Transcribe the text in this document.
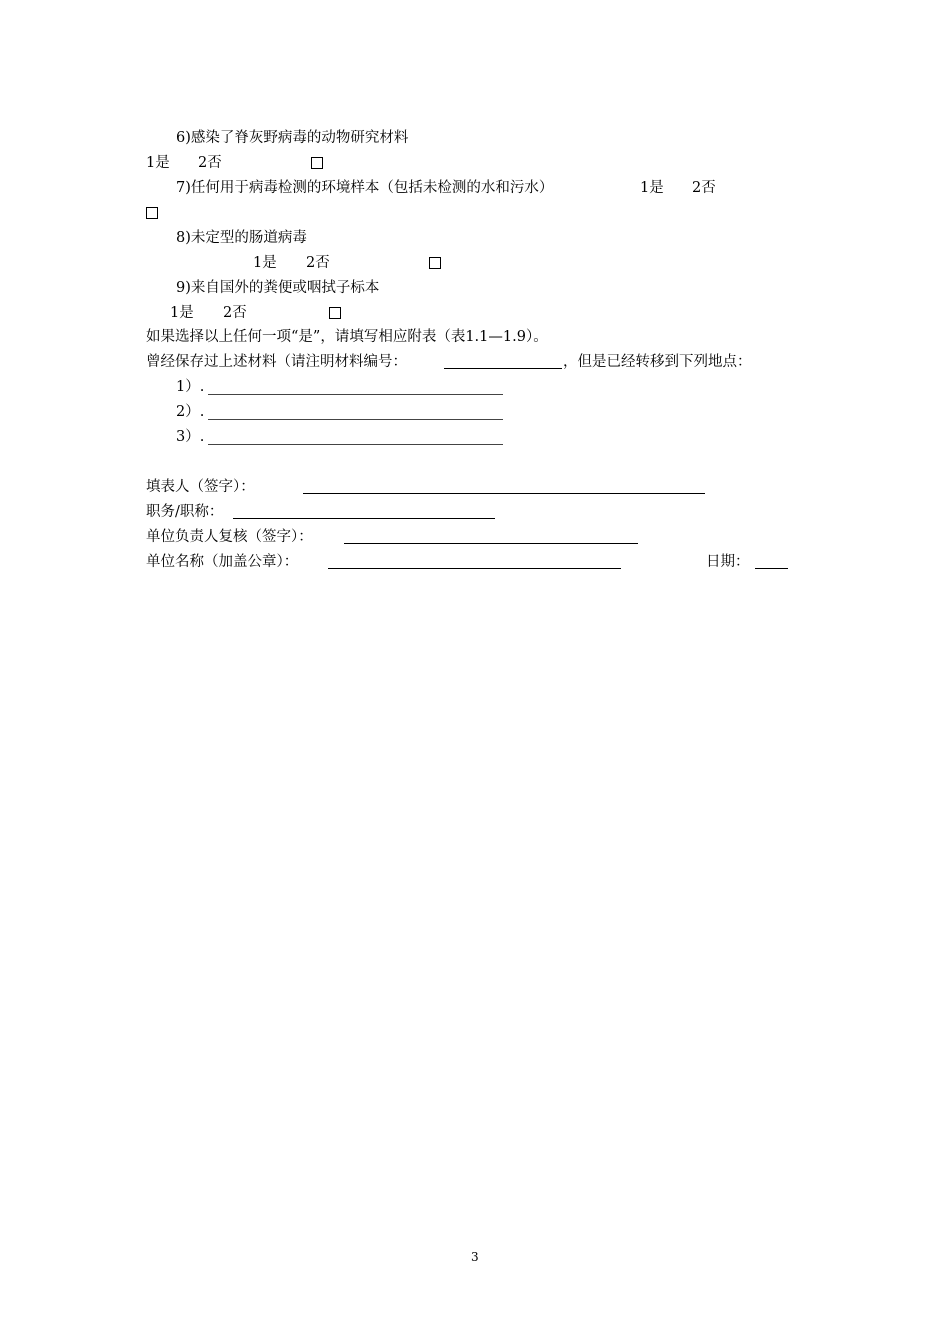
6)感染了脊灰野病毒的动物研究材料
1是 2否
7)任何用于病毒检测的环境样本（包括未检测的水和污水）	1是 2否
8)未定型的肠道病毒
1是 2否
9)来自国外的粪便或咽拭子标本
1是 2否
如果选择以上任何一项“是”，请填写相应附表（表1.1—1.9）。
曾经保存过上述材料（请注明材料编号：	，但是已经转移到下列地点：
1）.
2）.
3）.
填表人（签字）：
职务/职称：
单位负责人复核（签字）：
单位名称（加盖公章）：	日期：
3
